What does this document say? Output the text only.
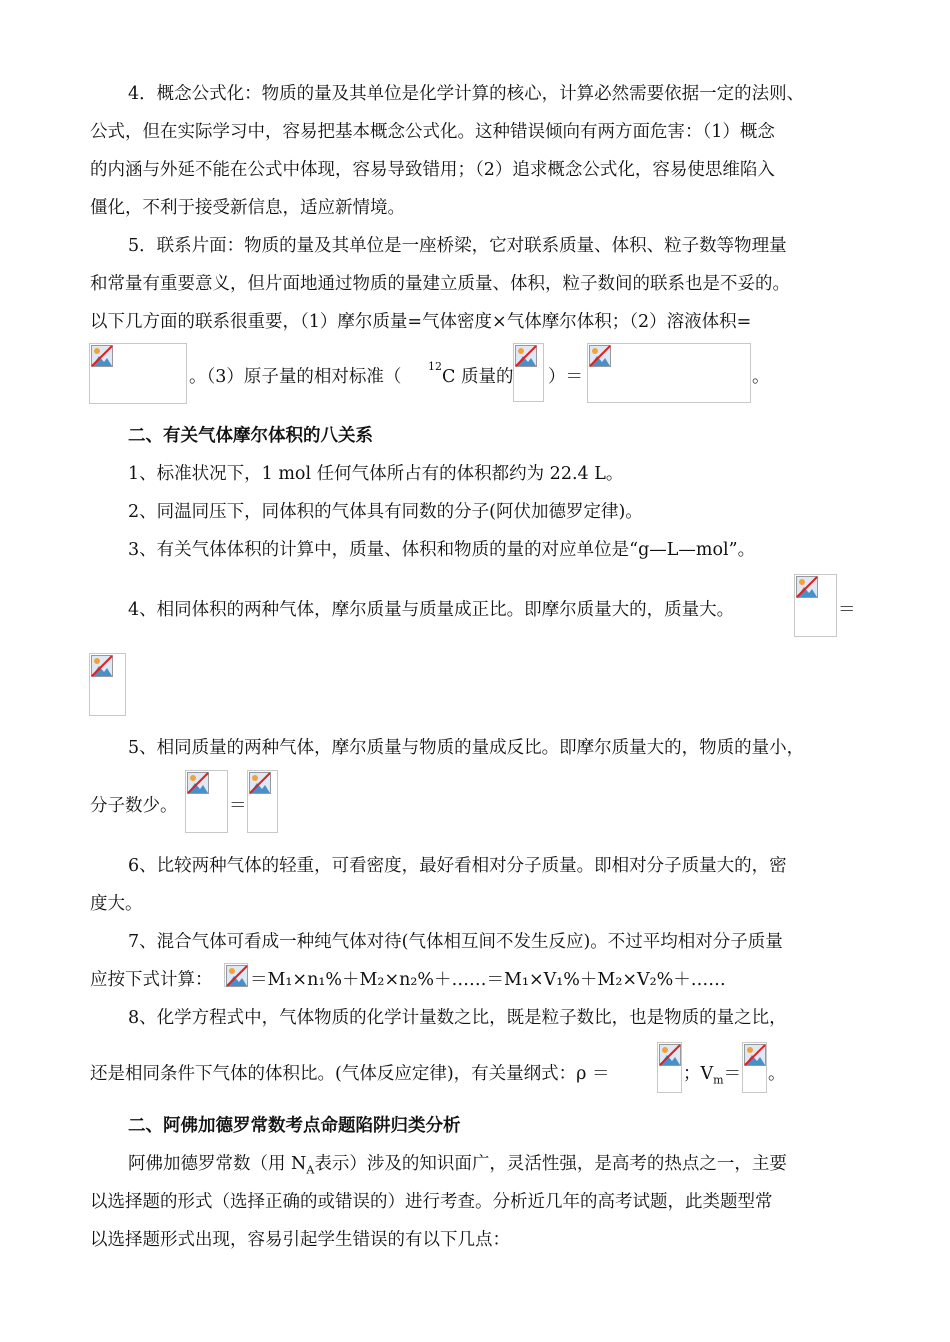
4．概念公式化：物质的量及其单位是化学计算的核心，计算必然需要依据一定的法则、
公式，但在实际学习中，容易把基本概念公式化。这种错误倾向有两方面危害：（1）概念
的内涵与外延不能在公式中体现，容易导致错用；（2）追求概念公式化，容易使思维陷入
僵化，不利于接受新信息，适应新情境。
5．联系片面：物质的量及其单位是一座桥梁，它对联系质量、体积、粒子数等物理量
和常量有重要意义，但片面地通过物质的量建立质量、体积，粒子数间的联系也是不妥的。
以下几方面的联系很重要，（1）摩尔质量=气体密度×气体摩尔体积；（2）溶液体积=
。（3）原子量的相对标准（
12
C 质量的 ）＝	。
二、有关气体摩尔体积的八关系
1、标准状况下，1 mol 任何气体所占有的体积都约为 22.4 L。
2、同温同压下，同体积的气体具有同数的分子(阿伏加德罗定律)。
3、有关气体体积的计算中，质量、体积和物质的量的对应单位是“g—L—mol”。
4、相同体积的两种气体，摩尔质量与质量成正比。即摩尔质量大的，质量大。	＝
5、相同质量的两种气体，摩尔质量与物质的量成反比。即摩尔质量大的，物质的量小，
分子数少。	＝
6、比较两种气体的轻重，可看密度，最好看相对分子质量。即相对分子质量大的，密
度大。
7、混合气体可看成一种纯气体对待(气体相互间不发生反应)。不过平均相对分子质量
应按下式计算： ＝M₁×n₁%＋M₂×n₂%＋……＝M₁×V₁%＋M₂×V₂%＋……
8、化学方程式中，气体物质的化学计量数之比，既是粒子数比，也是物质的量之比，
还是相同条件下气体的体积比。(气体反应定律)，有关量纲式：ρ ＝	；$V_m=$ 。
二、阿佛加德罗常数考点命题陷阱归类分析
阿佛加德罗常数（用 $N_A$表示）涉及的知识面广，灵活性强，是高考的热点之一，主要
以选择题的形式（选择正确的或错误的）进行考查。分析近几年的高考试题，此类题型常
以选择题形式出现，容易引起学生错误的有以下几点：
